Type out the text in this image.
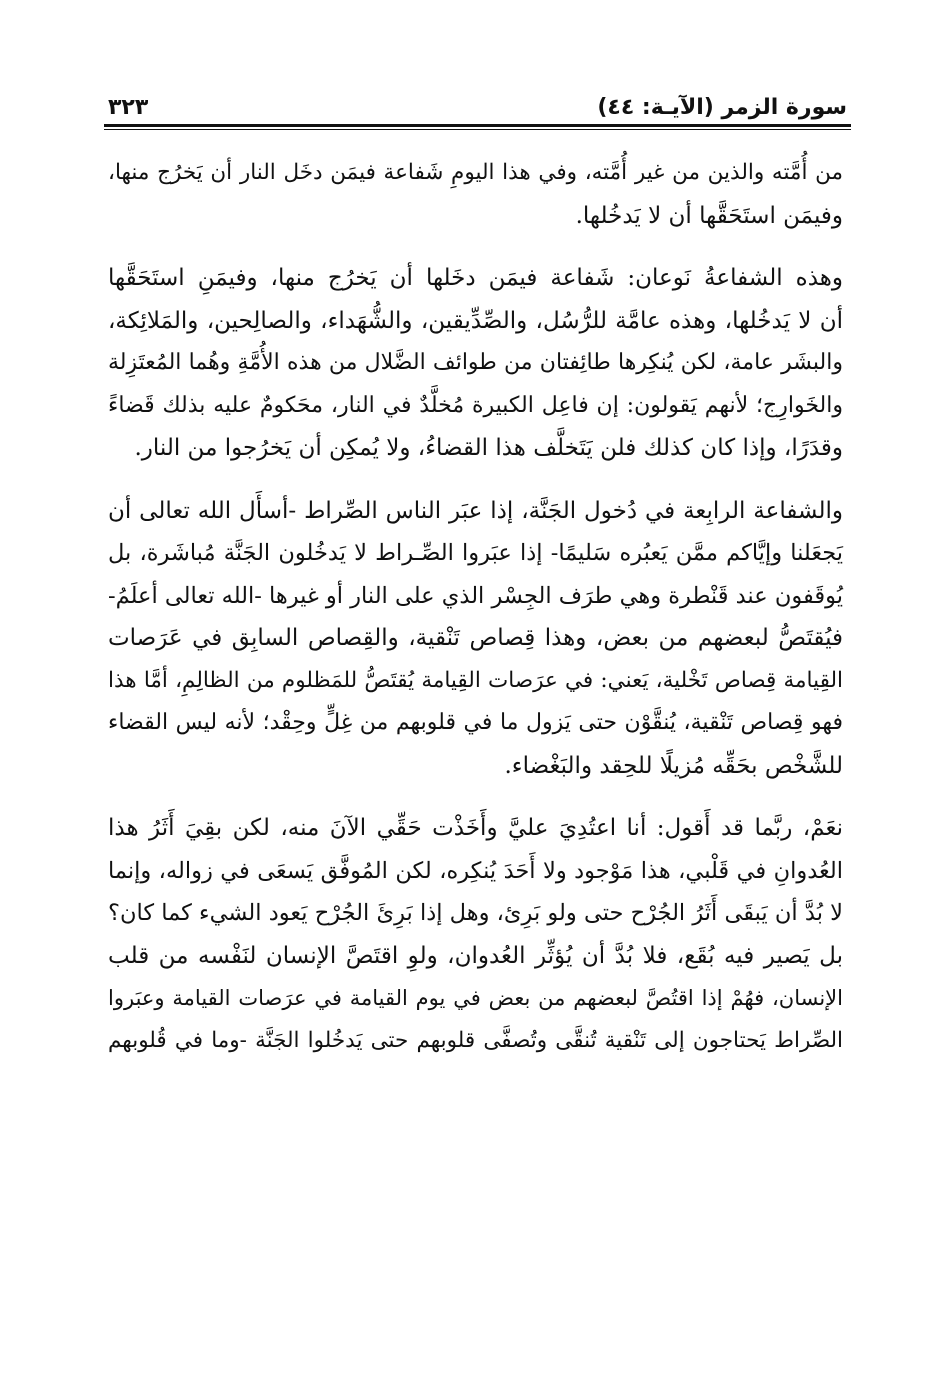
سورة الزمر (الآيـة: ٤٤)
٣٢٣

من أُمَّته والذين من غير أُمَّته، وفي هذا اليومِ شَفاعة فيمَن دخَل النار أن يَخرُج منها،
وفيمَن استَحَقَّها أن لا يَدخُلها.

وهذه الشفاعةُ نَوعان: شَفاعة فيمَن دخَلها أن يَخرُج منها، وفيمَنِ استَحَقَّها
أن لا يَدخُلها، وهذه عامَّة للرُّسُل، والصِّدِّيقين، والشُّهَداء، والصالِحين، والمَلائِكة،
والبشَر عامة، لكن يُنكِرها طائِفتان من طوائف الضَّلال من هذه الأُمَّةِ وهُما المُعتَزِلة
والخَوارِج؛ لأنهم يَقولون: إن فاعِل الكبيرة مُخلَّدٌ في النار، محَكومٌ عليه بذلك قَضاءً
وقدَرًا، وإذا كان كذلك فلن يَتَخلَّف هذا القضاءُ، ولا يُمكِن أن يَخرُجوا من النار.

والشفاعة الرابِعة في دُخول الجَنَّة، إذا عبَر الناس الصِّراط -أسأَل الله تعالى أن
يَجعَلنا وإيَّاكم ممَّن يَعبُره سَليمًا- إذا عبَروا الصِّـراط لا يَدخُلون الجَنَّة مُباشَرة، بل
يُوقَفون عند قَنْطرة وهي طرَف الجِسْر الذي على النار أو غيرها -الله تعالى أعلَمُ-
فيُقتَصُّ لبعضهم من بعض، وهذا قِصاص تَنْقية، والقِصاص السابِق في عَرَصات
القِيامة قِصاص تَخْلية، يَعني: في عرَصات القِيامة يُقتَصُّ للمَظلوم من الظالِمِ، أمَّا هذا
فهو قِصاص تَنْقية، يُنقَّوْن حتى يَزول ما في قلوبهم من غِلٍّ وحِقْد؛ لأنه ليس القضاء
للشَّخْص بحَقِّه مُزيلًا للحِقد والبَغْضاء.

نعَمْ، ربَّما قد أَقول: أنا اعتُدِيَ عليَّ وأَخَذْت حَقِّي الآنَ منه، لكن بقِيَ أَثَرُ هذا
العُدوانِ في قَلْبي، هذا مَوْجود ولا أَحَدَ يُنكِره، لكن المُوفَّق يَسعَى في زواله، وإنما
لا بُدَّ أن يَبقَى أَثَرُ الجُرْح حتى ولو بَرِئ، وهل إذا بَرِئَ الجُرْح يَعود الشيء كما كان؟
بل يَصير فيه بُقَع، فلا بُدَّ أن يُؤثِّر العُدوان، ولوِ اقتَصَّ الإنسان لنَفْسه من قلب
الإنسان، فهُمْ إذا اقتُصَّ لبعضهم من بعض في يوم القيامة في عرَصات القيامة وعبَروا
الصِّراط يَحتاجون إلى تَنْقية تُنقَّى وتُصفَّى قلوبهم حتى يَدخُلوا الجَنَّة -وما في قُلوبهم
